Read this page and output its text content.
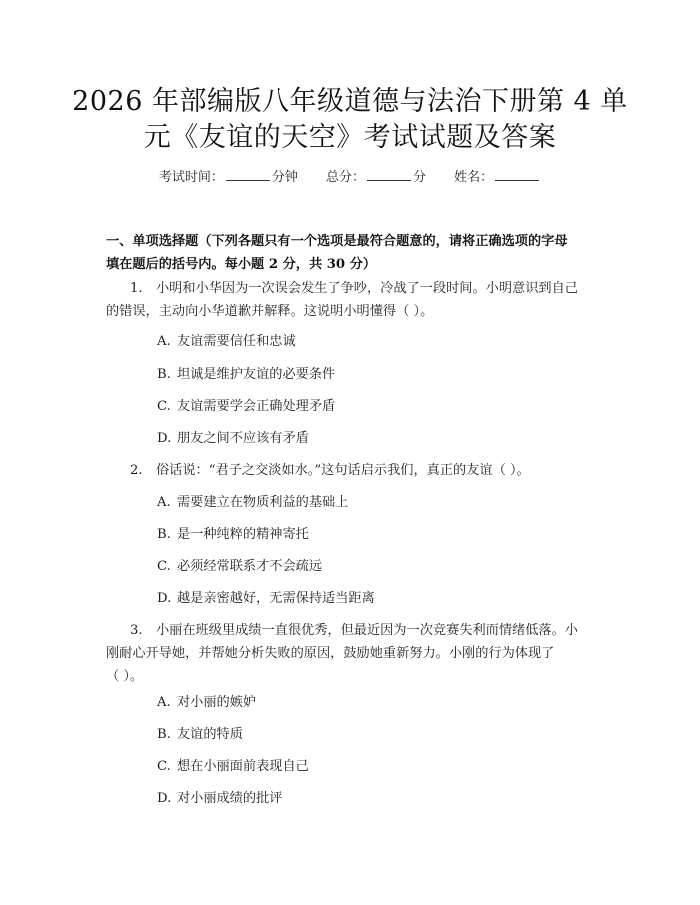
2026 年部编版八年级道德与法治下册第 4 单
元《友谊的天空》考试试题及答案
考试时间：	分钟 总分：	分 姓名：
一、单项选择题（下列各题只有一个选项是最符合题意的，请将正确选项的字母
填在题后的括号内。每小题 2 分，共 30 分）
1. 小明和小华因为一次误会发生了争吵，冷战了一段时间。小明意识到自己
的错误，主动向小华道歉并解释。这说明小明懂得（ ）。
A. 友谊需要信任和忠诚
B. 坦诚是维护友谊的必要条件
C. 友谊需要学会正确处理矛盾
D. 朋友之间不应该有矛盾
2. 俗话说：“君子之交淡如水。”这句话启示我们，真正的友谊（ ）。
A. 需要建立在物质利益的基础上
B. 是一种纯粹的精神寄托
C. 必须经常联系才不会疏远
D. 越是亲密越好，无需保持适当距离
3. 小丽在班级里成绩一直很优秀，但最近因为一次竞赛失利而情绪低落。小
刚耐心开导她，并帮她分析失败的原因，鼓励她重新努力。小刚的行为体现了
（ ）。
A. 对小丽的嫉妒
B. 友谊的特质
C. 想在小丽面前表现自己
D. 对小丽成绩的批评
